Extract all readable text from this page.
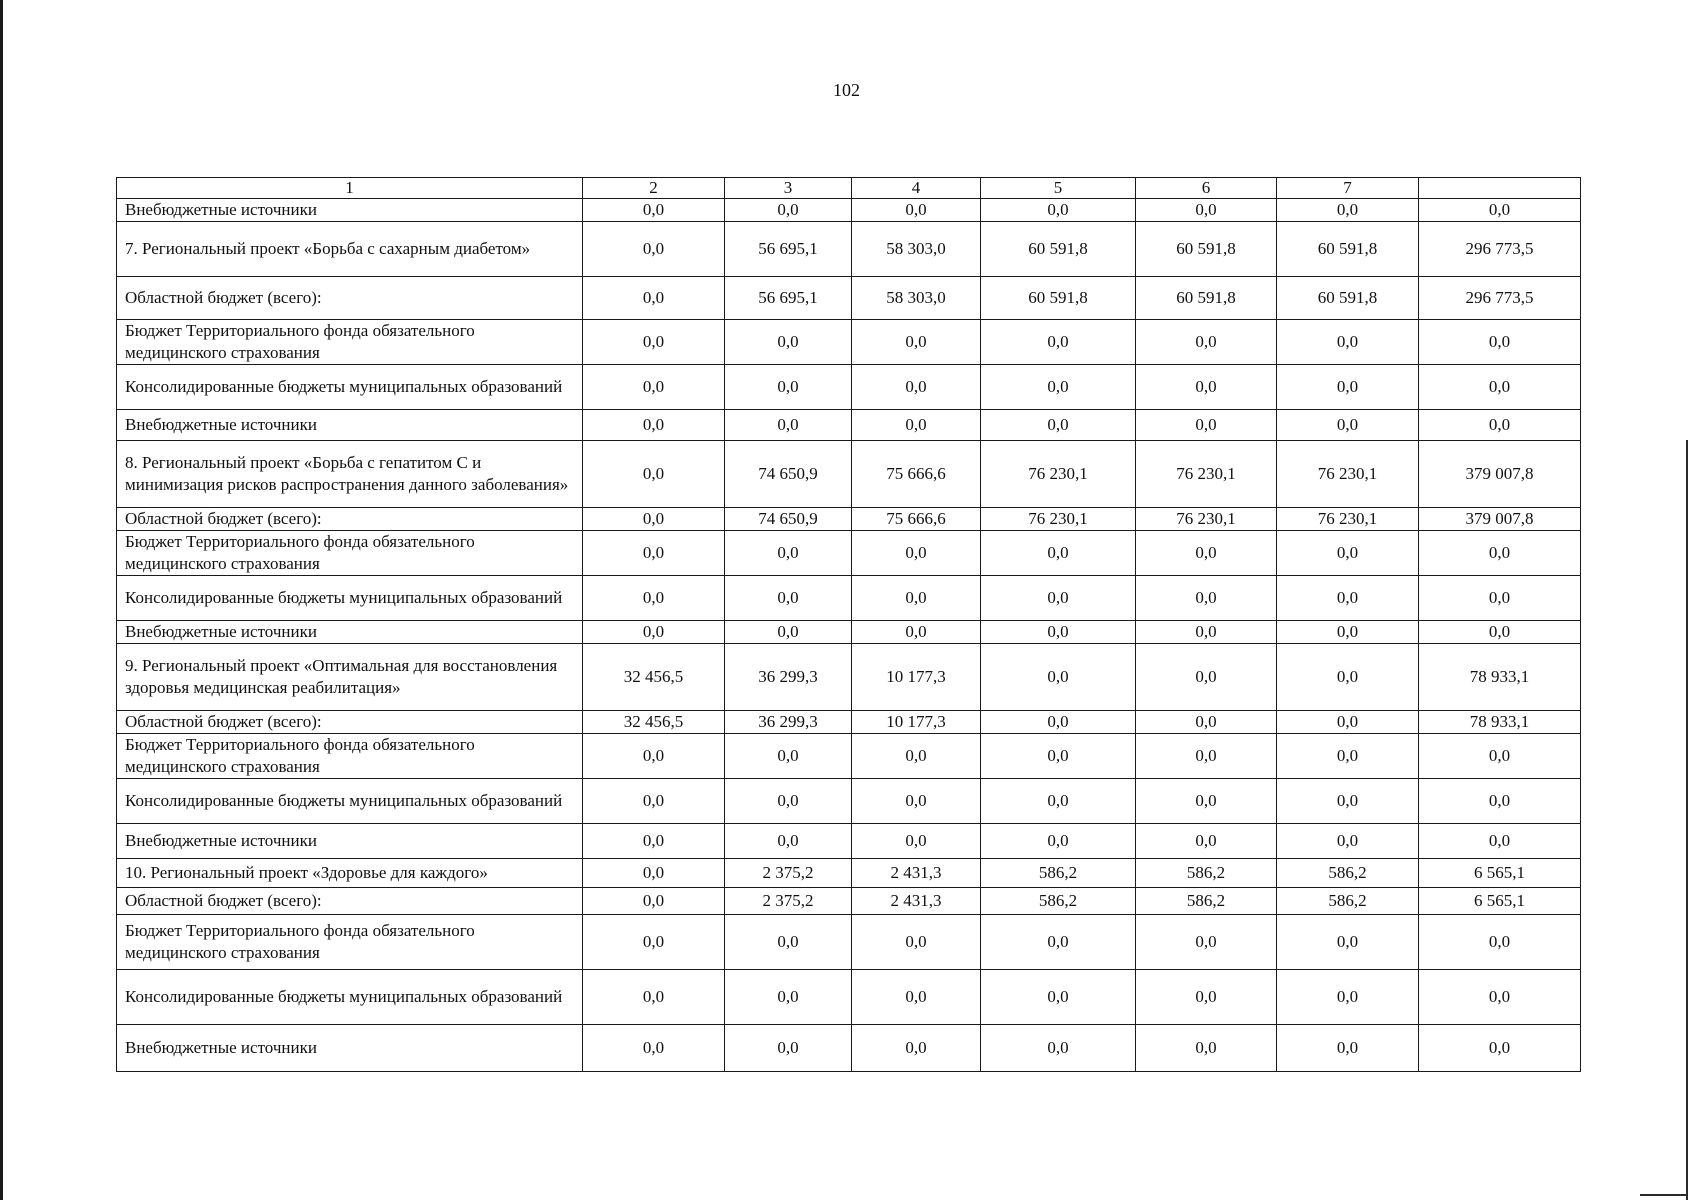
102
1	2	3	4	5	6	7	
Внебюджетные источники	0,0	0,0	0,0	0,0	0,0	0,0	0,0
7. Региональный проект «Борьба с сахарным диабетом»	0,0	56 695,1	58 303,0	60 591,8	60 591,8	60 591,8	296 773,5
Областной бюджет (всего):	0,0	56 695,1	58 303,0	60 591,8	60 591,8	60 591,8	296 773,5
Бюджет Территориального фонда обязательного медицинского страхования	0,0	0,0	0,0	0,0	0,0	0,0	0,0
Консолидированные бюджеты муниципальных образований	0,0	0,0	0,0	0,0	0,0	0,0	0,0
Внебюджетные источники	0,0	0,0	0,0	0,0	0,0	0,0	0,0
8. Региональный проект «Борьба с гепатитом С и минимизация рисков распространения данного заболевания»	0,0	74 650,9	75 666,6	76 230,1	76 230,1	76 230,1	379 007,8
Областной бюджет (всего):	0,0	74 650,9	75 666,6	76 230,1	76 230,1	76 230,1	379 007,8
Бюджет Территориального фонда обязательного медицинского страхования	0,0	0,0	0,0	0,0	0,0	0,0	0,0
Консолидированные бюджеты муниципальных образований	0,0	0,0	0,0	0,0	0,0	0,0	0,0
Внебюджетные источники	0,0	0,0	0,0	0,0	0,0	0,0	0,0
9. Региональный проект «Оптимальная для восстановления здоровья медицинская реабилитация»	32 456,5	36 299,3	10 177,3	0,0	0,0	0,0	78 933,1
Областной бюджет (всего):	32 456,5	36 299,3	10 177,3	0,0	0,0	0,0	78 933,1
Бюджет Территориального фонда обязательного медицинского страхования	0,0	0,0	0,0	0,0	0,0	0,0	0,0
Консолидированные бюджеты муниципальных образований	0,0	0,0	0,0	0,0	0,0	0,0	0,0
Внебюджетные источники	0,0	0,0	0,0	0,0	0,0	0,0	0,0
10. Региональный проект «Здоровье для каждого»	0,0	2 375,2	2 431,3	586,2	586,2	586,2	6 565,1
Областной бюджет (всего):	0,0	2 375,2	2 431,3	586,2	586,2	586,2	6 565,1
Бюджет Территориального фонда обязательного медицинского страхования	0,0	0,0	0,0	0,0	0,0	0,0	0,0
Консолидированные бюджеты муниципальных образований	0,0	0,0	0,0	0,0	0,0	0,0	0,0
Внебюджетные источники	0,0	0,0	0,0	0,0	0,0	0,0	0,0
